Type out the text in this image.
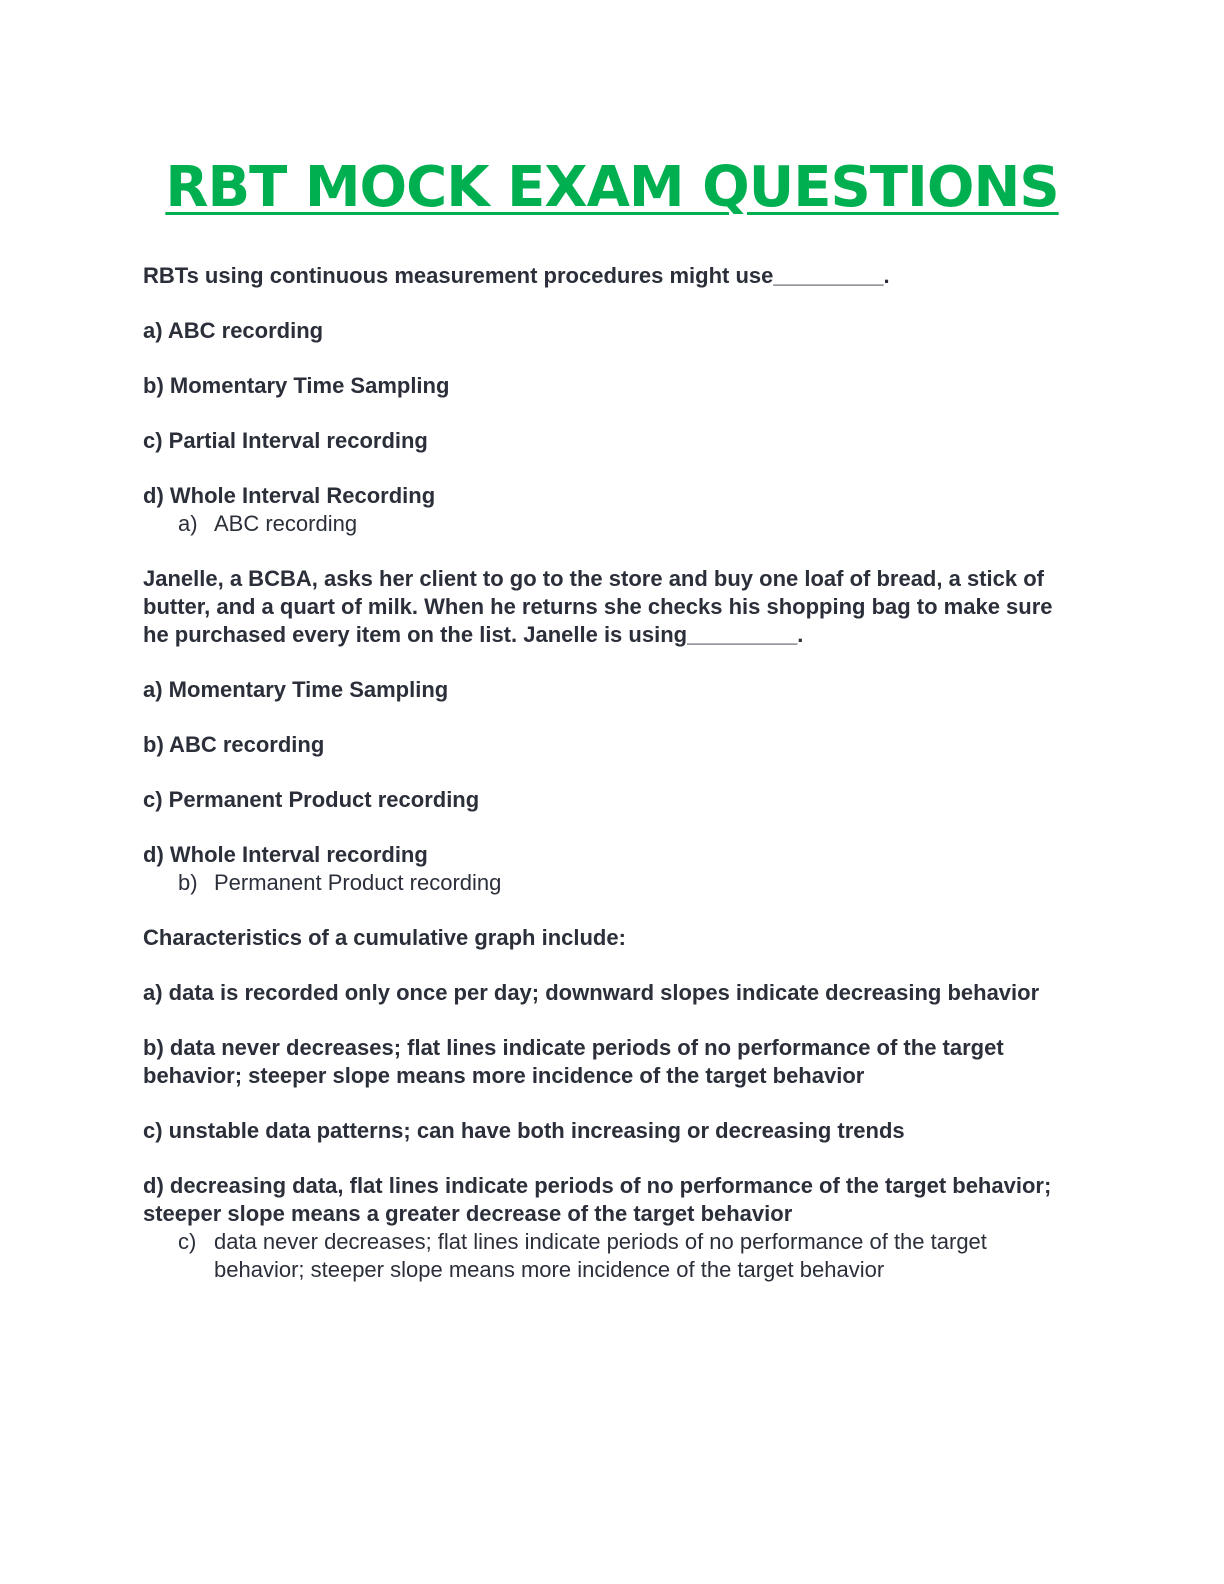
RBT MOCK EXAM QUESTIONS

RBTs using continuous measurement procedures might use_________.

a) ABC recording

b) Momentary Time Sampling

c) Partial Interval recording

d) Whole Interval Recording

a) ABC recording

Janelle, a BCBA, asks her client to go to the store and buy one loaf of bread, a stick of butter, and a quart of milk. When he returns she checks his shopping bag to make sure he purchased every item on the list. Janelle is using_________.

a) Momentary Time Sampling

b) ABC recording

c) Permanent Product recording

d) Whole Interval recording

b) Permanent Product recording

Characteristics of a cumulative graph include:

a) data is recorded only once per day; downward slopes indicate decreasing behavior

b) data never decreases; flat lines indicate periods of no performance of the target behavior; steeper slope means more incidence of the target behavior

c) unstable data patterns; can have both increasing or decreasing trends

d) decreasing data, flat lines indicate periods of no performance of the target behavior; steeper slope means a greater decrease of the target behavior

c) data never decreases; flat lines indicate periods of no performance of the target behavior; steeper slope means more incidence of the target behavior
